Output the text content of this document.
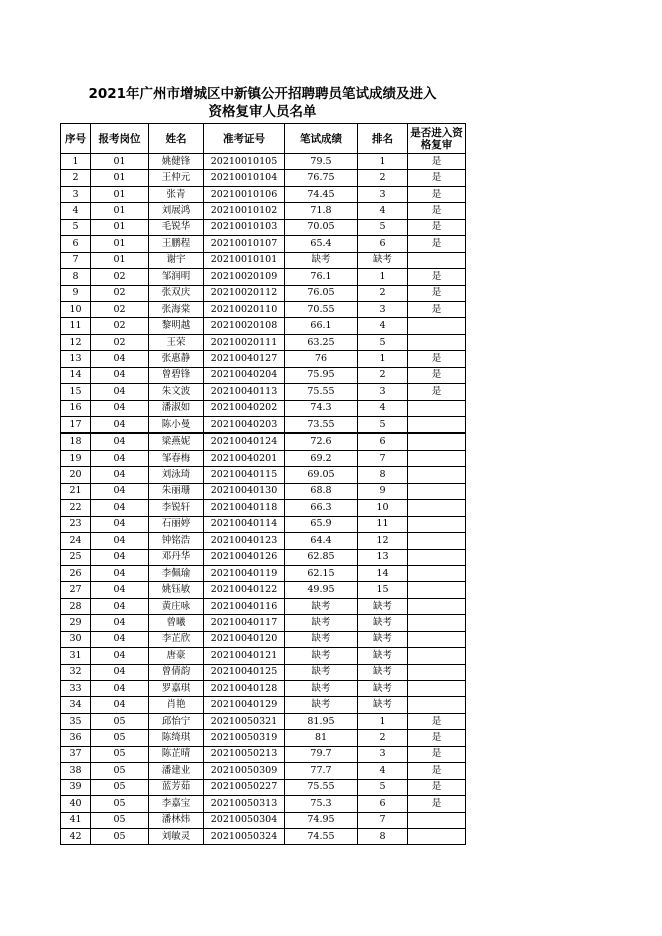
2021年广州市增城区中新镇公开招聘聘员笔试成绩及进入
资格复审人员名单
序号	报考岗位	姓名	准考证号	笔试成绩	排名	是否进入资格复审
1	01	姚健锋	20210010105	79.5	1	是
2	01	王仲元	20210010104	76.75	2	是
3	01	张青	20210010106	74.45	3	是
4	01	刘展鸿	20210010102	71.8	4	是
5	01	毛锐华	20210010103	70.05	5	是
6	01	王鹏程	20210010107	65.4	6	是
7	01	谢宇	20210010101	缺考	缺考	
8	02	邹润明	20210020109	76.1	1	是
9	02	张双庆	20210020112	76.05	2	是
10	02	张海棠	20210020110	70.55	3	是
11	02	黎明越	20210020108	66.1	4	
12	02	王荣	20210020111	63.25	5	
13	04	张惠静	20210040127	76	1	是
14	04	曾碧锋	20210040204	75.95	2	是
15	04	朱文波	20210040113	75.55	3	是
16	04	潘淑如	20210040202	74.3	4	
17	04	陈小曼	20210040203	73.55	5	
18	04	梁燕妮	20210040124	72.6	6	
19	04	邹春梅	20210040201	69.2	7	
20	04	刘泳琦	20210040115	69.05	8	
21	04	朱丽珊	20210040130	68.8	9	
22	04	李锐轩	20210040118	66.3	10	
23	04	石丽婷	20210040114	65.9	11	
24	04	钟铭浩	20210040123	64.4	12	
25	04	邓丹华	20210040126	62.85	13	
26	04	李佩瑜	20210040119	62.15	14	
27	04	姚钰敏	20210040122	49.95	15	
28	04	黄庄咏	20210040116	缺考	缺考	
29	04	曾曦	20210040117	缺考	缺考	
30	04	李芷欣	20210040120	缺考	缺考	
31	04	唐豪	20210040121	缺考	缺考	
32	04	曾倩韵	20210040125	缺考	缺考	
33	04	罗嘉琪	20210040128	缺考	缺考	
34	04	肖艳	20210040129	缺考	缺考	
35	05	邱怡宁	20210050321	81.95	1	是
36	05	陈绮琪	20210050319	81	2	是
37	05	陈芷晴	20210050213	79.7	3	是
38	05	潘建业	20210050309	77.7	4	是
39	05	蓝芳茹	20210050227	75.55	5	是
40	05	李嘉宝	20210050313	75.3	6	是
41	05	潘林炜	20210050304	74.95	7	
42	05	刘敏灵	20210050324	74.55	8	
